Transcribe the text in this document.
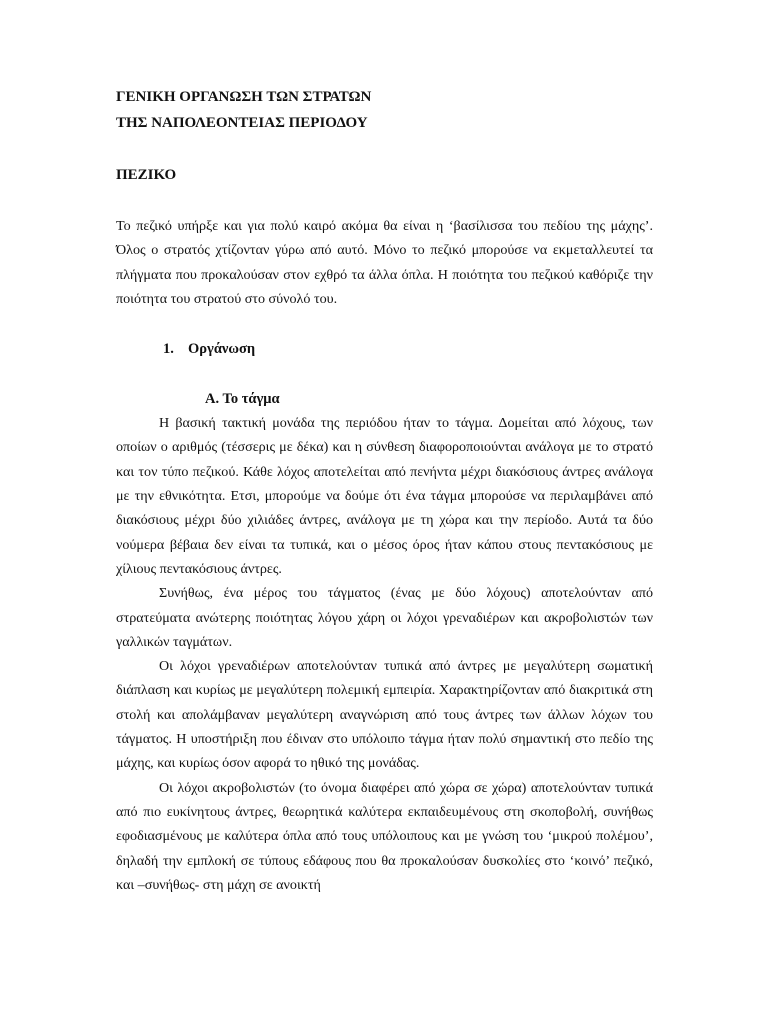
ΓΕΝΙΚΗ ΟΡΓΑΝΩΣΗ ΤΩΝ ΣΤΡΑΤΩΝ

ΤΗΣ ΝΑΠΟΛΕΟΝΤΕΙΑΣ ΠΕΡΙΟΔΟΥ

ΠΕΖΙΚΟ

Το πεζικό υπήρξε και για πολύ καιρό ακόμα θα είναι η ‘βασίλισσα του πεδίου της μάχης’. Όλος ο στρατός χτίζονταν γύρω από αυτό. Μόνο το πεζικό μπορούσε να εκμεταλλευτεί τα πλήγματα που προκαλούσαν στον εχθρό τα άλλα όπλα. Η ποιότητα του πεζικού καθόριζε την ποιότητα του στρατού στο σύνολό του.

1. Οργάνωση
Α. Το τάγμα

Η βασική τακτική μονάδα της περιόδου ήταν το τάγμα. Δομείται από λόχους, των οποίων ο αριθμός (τέσσερις με δέκα) και η σύνθεση διαφοροποιούνται ανάλογα με το στρατό και τον τύπο πεζικού. Κάθε λόχος αποτελείται από πενήντα μέχρι διακόσιους άντρες ανάλογα με την εθνικότητα. Ετσι, μπορούμε να δούμε ότι ένα τάγμα μπορούσε να περιλαμβάνει από διακόσιους μέχρι δύο χιλιάδες άντρες, ανάλογα με τη χώρα και την περίοδο. Αυτά τα δύο νούμερα βέβαια δεν είναι τα τυπικά, και ο μέσος όρος ήταν κάπου στους πεντακόσιους με χίλιους πεντακόσιους άντρες.

Συνήθως, ένα μέρος του τάγματος (ένας με δύο λόχους) αποτελούνταν από στρατεύματα ανώτερης ποιότητας λόγου χάρη οι λόχοι γρεναδιέρων και ακροβολιστών των γαλλικών ταγμάτων.

Οι λόχοι γρεναδιέρων αποτελούνταν τυπικά από άντρες με μεγαλύτερη σωματική διάπλαση και κυρίως με μεγαλύτερη πολεμική εμπειρία. Χαρακτηρίζονταν από διακριτικά στη στολή και απολάμβαναν μεγαλύτερη αναγνώριση από τους άντρες των άλλων λόχων του τάγματος. Η υποστήριξη που έδιναν στο υπόλοιπο τάγμα ήταν πολύ σημαντική στο πεδίο της μάχης, και κυρίως όσον αφορά το ηθικό της μονάδας.

Οι λόχοι ακροβολιστών (το όνομα διαφέρει από χώρα σε χώρα) αποτελούνταν τυπικά από πιο ευκίνητους άντρες, θεωρητικά καλύτερα εκπαιδευμένους στη σκοποβολή, συνήθως εφοδιασμένους με καλύτερα όπλα από τους υπόλοιπους και με γνώση του ‘μικρού πολέμου’, δηλαδή την εμπλοκή σε τύπους εδάφους που θα προκαλούσαν δυσκολίες στο ‘κοινό’ πεζικό, και –συνήθως- στη μάχη σε ανοικτή
